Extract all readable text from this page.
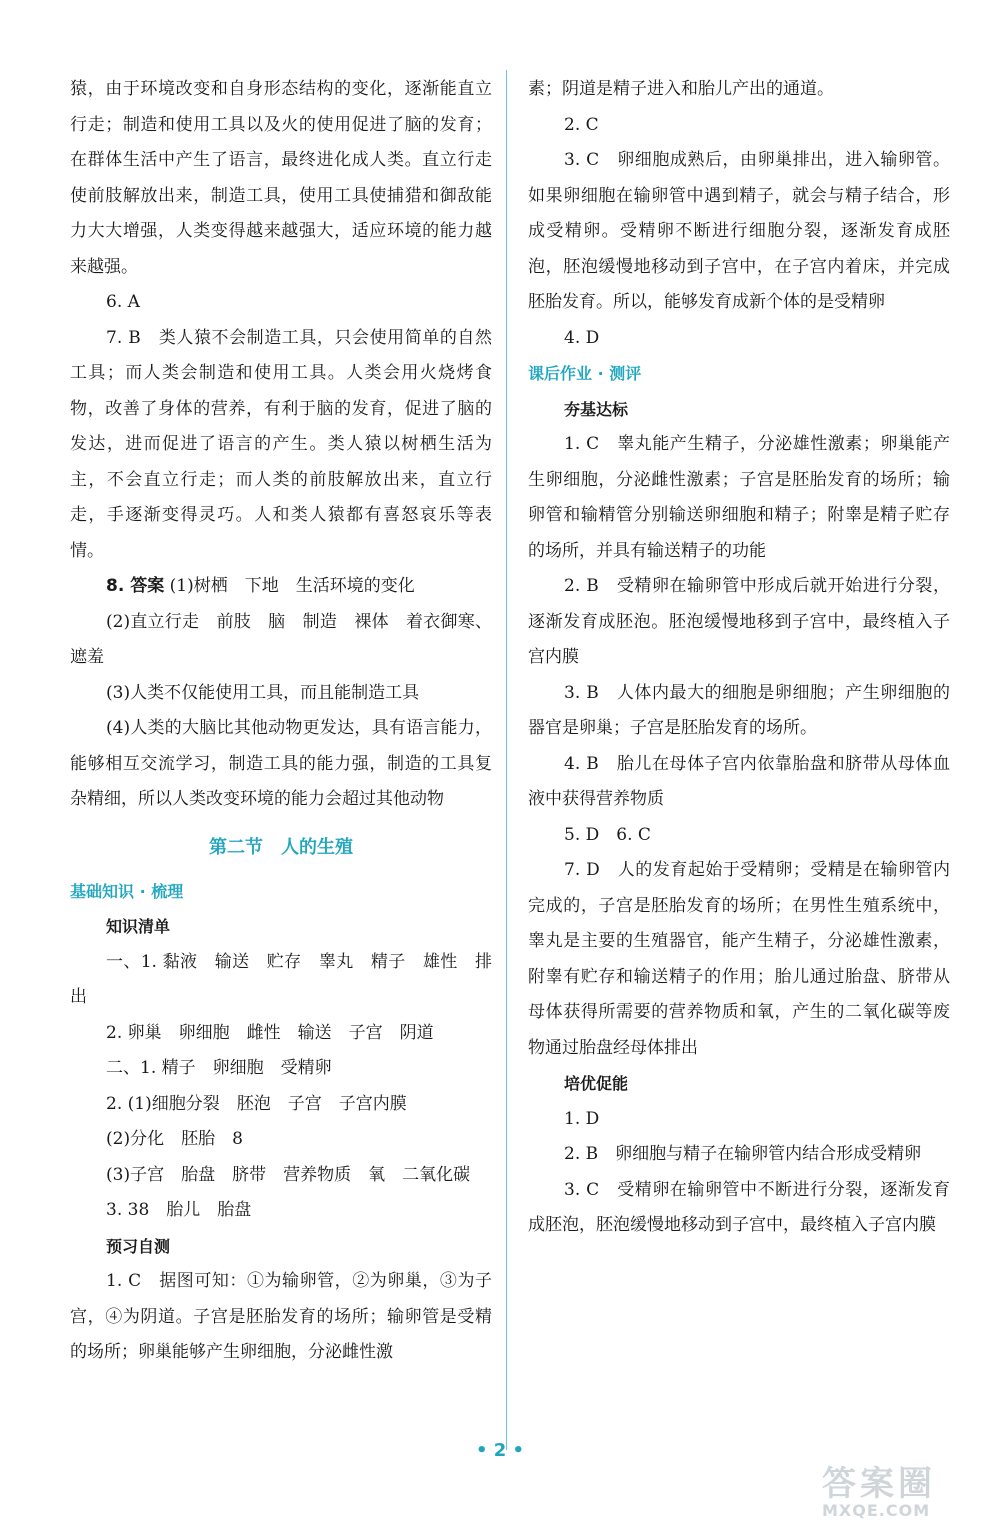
猿，由于环境改变和自身形态结构的变化，逐渐能直立行走；制造和使用工具以及火的使用促进了脑的发育；在群体生活中产生了语言，最终进化成人类。直立行走使前肢解放出来，制造工具，使用工具使捕猎和御敌能力大大增强，人类变得越来越强大，适应环境的能力越来越强。

6. A

7. B　类人猿不会制造工具，只会使用简单的自然工具；而人类会制造和使用工具。人类会用火烧烤食物，改善了身体的营养，有利于脑的发育，促进了脑的发达，进而促进了语言的产生。类人猿以树栖生活为主，不会直立行走；而人类的前肢解放出来，直立行走，手逐渐变得灵巧。人和类人猿都有喜怒哀乐等表情。

8. 答案 (1)树栖　下地　生活环境的变化

(2)直立行走　前肢　脑　制造　裸体　着衣御寒、遮羞

(3)人类不仅能使用工具，而且能制造工具

(4)人类的大脑比其他动物更发达，具有语言能力，能够相互交流学习，制造工具的能力强，制造的工具复杂精细，所以人类改变环境的能力会超过其他动物

第二节　人的生殖
基础知识 · 梳理

知识清单

一、1. 黏液　输送　贮存　睾丸　精子　雄性　排出

2. 卵巢　卵细胞　雌性　输送　子宫　阴道

二、1. 精子　卵细胞　受精卵

2. (1)细胞分裂　胚泡　子宫　子宫内膜

(2)分化　胚胎　8

(3)子宫　胎盘　脐带　营养物质　氧　二氧化碳

3. 38　胎儿　胎盘

预习自测

1. C　据图可知：①为输卵管，②为卵巢，③为子宫，④为阴道。子宫是胚胎发育的场所；输卵管是受精的场所；卵巢能够产生卵细胞，分泌雌性激

素；阴道是精子进入和胎儿产出的通道。

2. C

3. C　卵细胞成熟后，由卵巢排出，进入输卵管。如果卵细胞在输卵管中遇到精子，就会与精子结合，形成受精卵。受精卵不断进行细胞分裂，逐渐发育成胚泡，胚泡缓慢地移动到子宫中，在子宫内着床，并完成胚胎发育。所以，能够发育成新个体的是受精卵

4. D

课后作业 · 测评

夯基达标

1. C　睾丸能产生精子，分泌雄性激素；卵巢能产生卵细胞，分泌雌性激素；子宫是胚胎发育的场所；输卵管和输精管分别输送卵细胞和精子；附睾是精子贮存的场所，并具有输送精子的功能

2. B　受精卵在输卵管中形成后就开始进行分裂，逐渐发育成胚泡。胚泡缓慢地移到子宫中，最终植入子宫内膜

3. B　人体内最大的细胞是卵细胞；产生卵细胞的器官是卵巢；子宫是胚胎发育的场所。

4. B　胎儿在母体子宫内依靠胎盘和脐带从母体血液中获得营养物质

5. D　6. C

7. D　人的发育起始于受精卵；受精是在输卵管内完成的，子宫是胚胎发育的场所；在男性生殖系统中，睾丸是主要的生殖器官，能产生精子，分泌雄性激素，附睾有贮存和输送精子的作用；胎儿通过胎盘、脐带从母体获得所需要的营养物质和氧，产生的二氧化碳等废物通过胎盘经母体排出

培优促能

1. D

2. B　卵细胞与精子在输卵管内结合形成受精卵

3. C　受精卵在输卵管中不断进行分裂，逐渐发育成胚泡，胚泡缓慢地移动到子宫中，最终植入子宫内膜

• 2 •
答案圈
MXQE.COM
